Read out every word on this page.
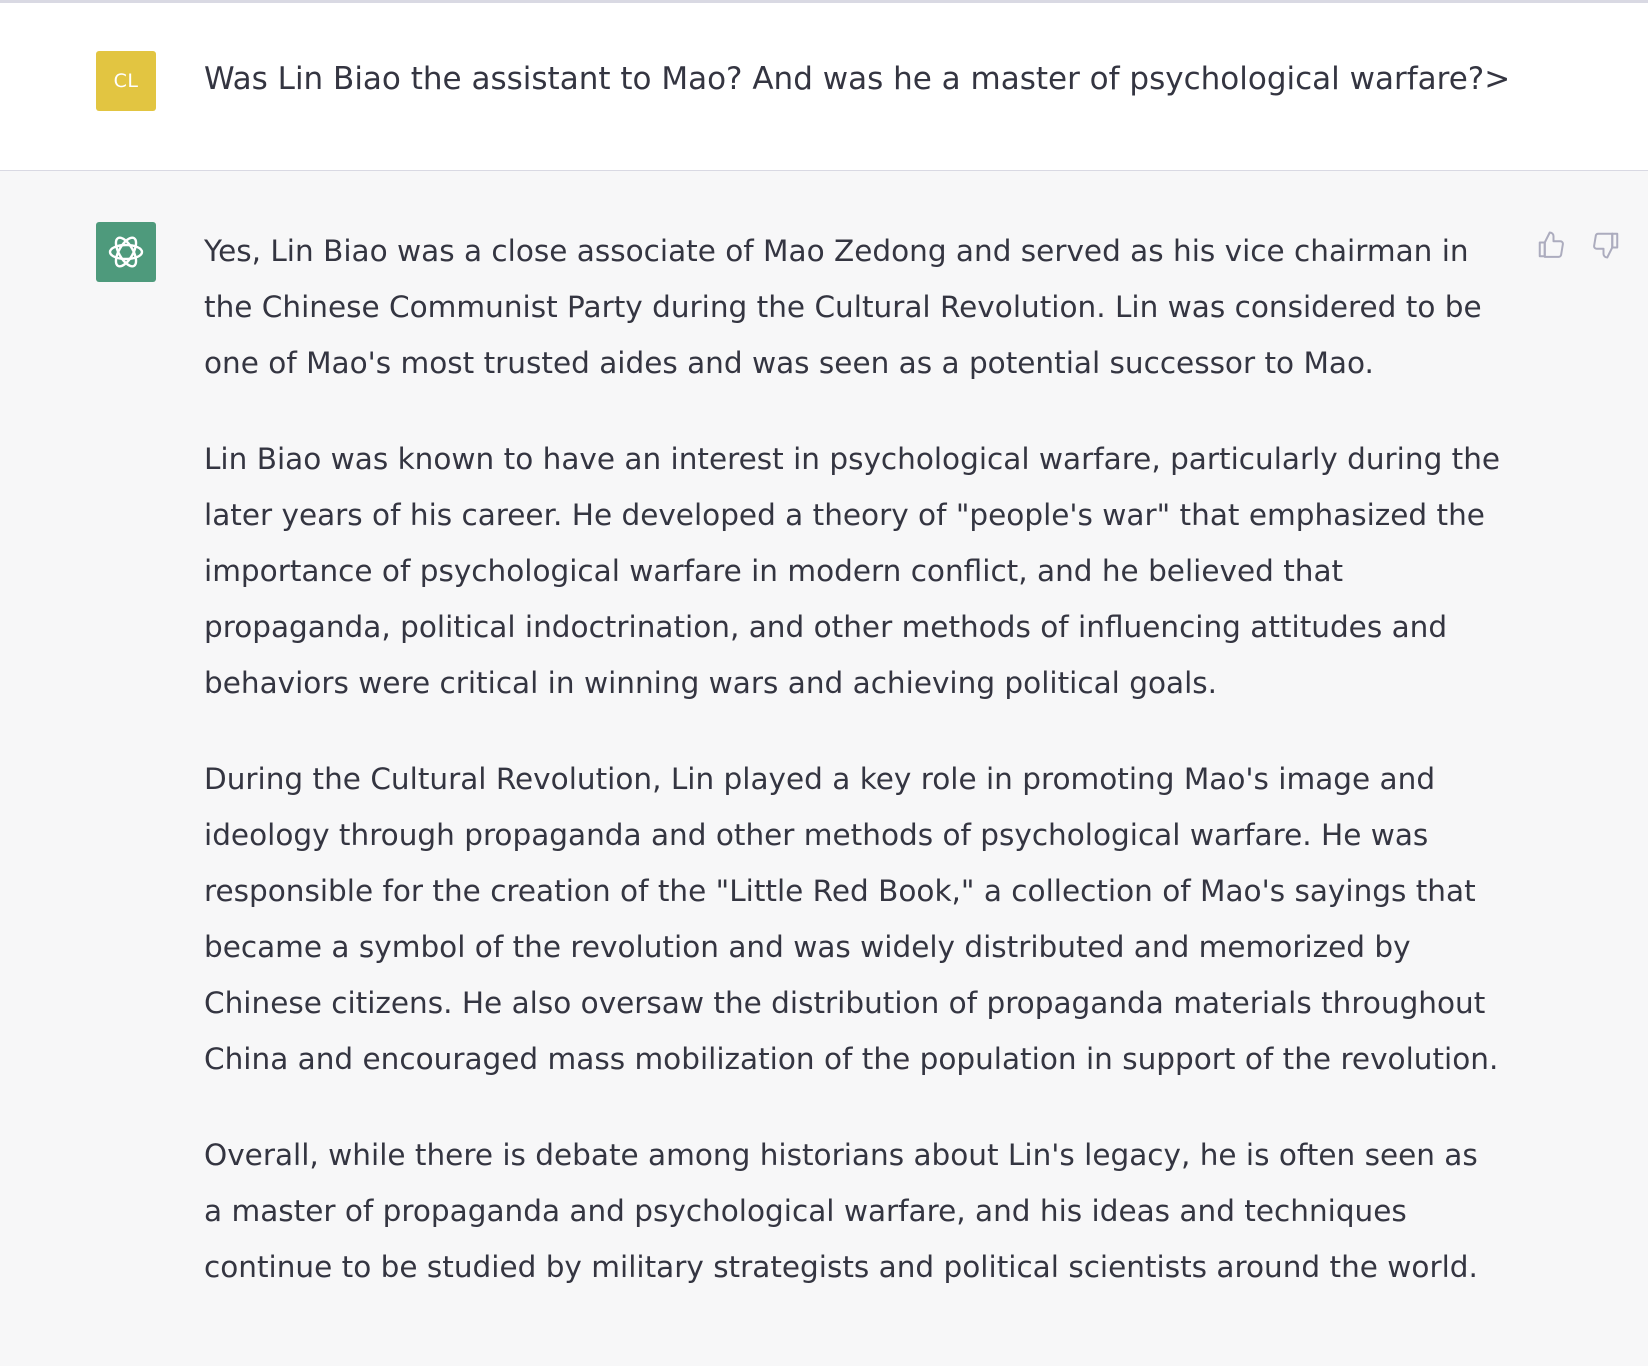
CL Was Lin Biao the assistant to Mao? And was he a master of psychological warfare?>

Yes, Lin Biao was a close associate of Mao Zedong and served as his vice chairman in the Chinese Communist Party during the Cultural Revolution. Lin was considered to be one of Mao's most trusted aides and was seen as a potential successor to Mao.

Lin Biao was known to have an interest in psychological warfare, particularly during the later years of his career. He developed a theory of "people's war" that emphasized the importance of psychological warfare in modern conflict, and he believed that propaganda, political indoctrination, and other methods of influencing attitudes and behaviors were critical in winning wars and achieving political goals.

During the Cultural Revolution, Lin played a key role in promoting Mao's image and ideology through propaganda and other methods of psychological warfare. He was responsible for the creation of the "Little Red Book," a collection of Mao's sayings that became a symbol of the revolution and was widely distributed and memorized by Chinese citizens. He also oversaw the distribution of propaganda materials throughout China and encouraged mass mobilization of the population in support of the revolution.

Overall, while there is debate among historians about Lin's legacy, he is often seen as a master of propaganda and psychological warfare, and his ideas and techniques continue to be studied by military strategists and political scientists around the world.
